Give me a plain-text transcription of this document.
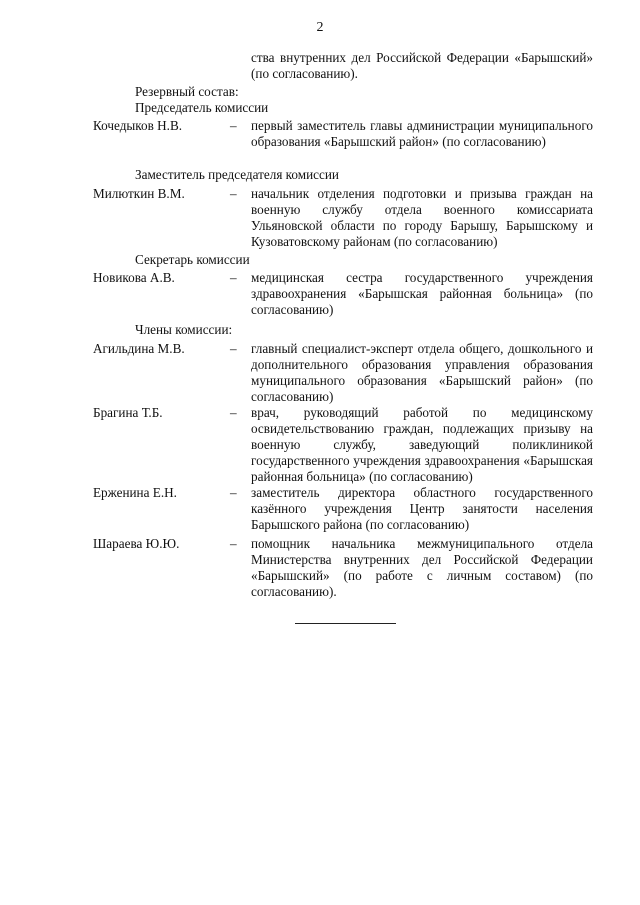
2
ства внутренних дел Российской Федерации «Барышский» (по согласованию).
Резервный состав:
Председатель комиссии
Кочедыков Н.В.	– первый заместитель главы администрации муниципального образования «Барышский район» (по согласованию)
Заместитель председателя комиссии
Милюткин В.М.	– начальник отделения подготовки и призыва граждан на военную службу отдела военного комиссариата Ульяновской области по городу Барышу, Барышскому и Кузоватовскому районам (по согласованию)
Секретарь комиссии
Новикова А.В.	– медицинская сестра государственного учреждения здравоохранения «Барышская районная больница» (по согласованию)
Члены комиссии:
Агильдина М.В.	– главный специалист-эксперт отдела общего, дошкольного и дополнительного образования управления образования муниципального образования «Барышский район» (по согласованию)
Брагина Т.Б.	– врач, руководящий работой по медицинскому освидетельствованию граждан, подлежащих призыву на военную службу, заведующий поликлиникой государственного учреждения здравоохранения «Барышская районная больница» (по согласованию)
Ерженина Е.Н.	– заместитель директора областного государственного казённого учреждения Центр занятости населения Барышского района (по согласованию)
Шараева Ю.Ю.	– помощник начальника межмуниципального отдела Министерства внутренних дел Российской Федерации «Барышский» (по работе с личным составом) (по согласованию).
